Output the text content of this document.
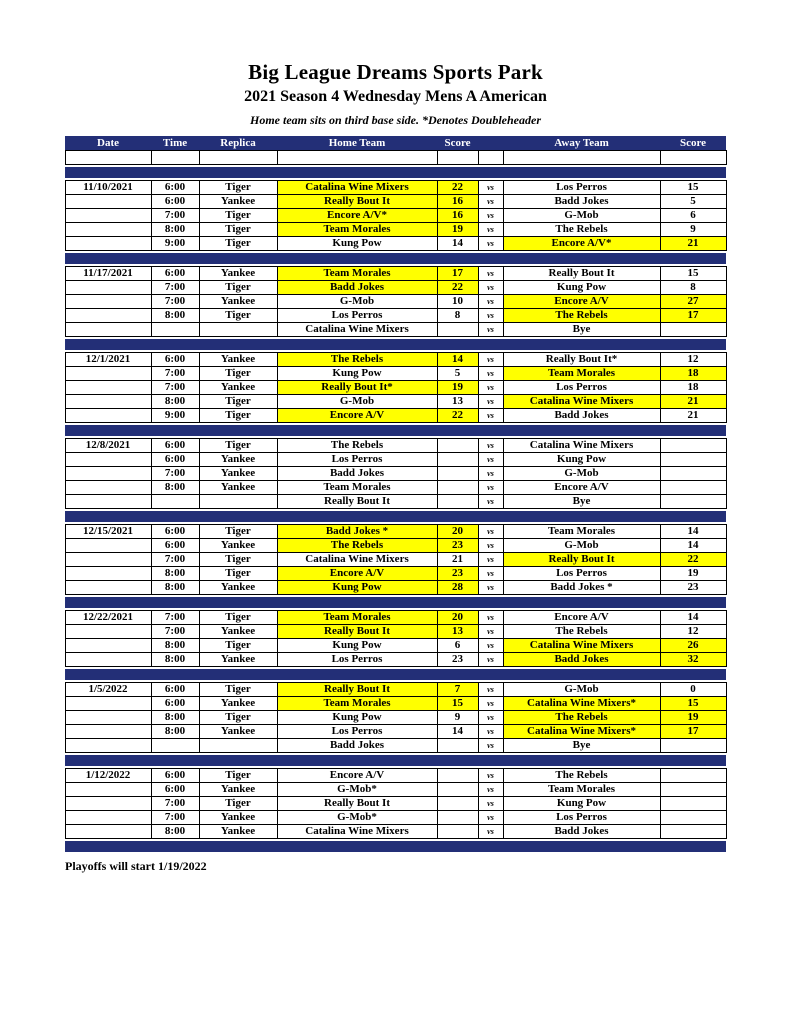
Big League Dreams Sports Park
2021 Season 4 Wednesday Mens A American
Home team sits on third base side. *Denotes Doubleheader
Date	Time	Replica	Home Team	Score		Away Team	Score

11/10/2021	6:00	Tiger	Catalina Wine Mixers	22	vs	Los Perros	15
	6:00	Yankee	Really Bout It	16	vs	Badd Jokes	5
	7:00	Tiger	Encore A/V*	16	vs	G-Mob	6
	8:00	Tiger	Team Morales	19	vs	The Rebels	9
	9:00	Tiger	Kung Pow	14	vs	Encore A/V*	21

11/17/2021	6:00	Yankee	Team Morales	17	vs	Really Bout It	15
	7:00	Tiger	Badd Jokes	22	vs	Kung Pow	8
	7:00	Yankee	G-Mob	10	vs	Encore A/V	27
	8:00	Tiger	Los Perros	8	vs	The Rebels	17
			Catalina Wine Mixers		vs	Bye	

12/1/2021	6:00	Yankee	The Rebels	14	vs	Really Bout It*	12
	7:00	Tiger	Kung Pow	5	vs	Team Morales	18
	7:00	Yankee	Really Bout It*	19	vs	Los Perros	18
	8:00	Tiger	G-Mob	13	vs	Catalina Wine Mixers	21
	9:00	Tiger	Encore A/V	22	vs	Badd Jokes	21

12/8/2021	6:00	Tiger	The Rebels		vs	Catalina Wine Mixers	
	6:00	Yankee	Los Perros		vs	Kung Pow	
	7:00	Yankee	Badd Jokes		vs	G-Mob	
	8:00	Yankee	Team Morales		vs	Encore A/V	
			Really Bout It		vs	Bye	

12/15/2021	6:00	Tiger	Badd Jokes *	20	vs	Team Morales	14
	6:00	Yankee	The Rebels	23	vs	G-Mob	14
	7:00	Tiger	Catalina Wine Mixers	21	vs	Really Bout It	22
	8:00	Tiger	Encore A/V	23	vs	Los Perros	19
	8:00	Yankee	Kung Pow	28	vs	Badd Jokes *	23

12/22/2021	7:00	Tiger	Team Morales	20	vs	Encore A/V	14
	7:00	Yankee	Really Bout It	13	vs	The Rebels	12
	8:00	Tiger	Kung Pow	6	vs	Catalina Wine Mixers	26
	8:00	Yankee	Los Perros	23	vs	Badd Jokes	32

1/5/2022	6:00	Tiger	Really Bout It	7	vs	G-Mob	0
	6:00	Yankee	Team Morales	15	vs	Catalina Wine Mixers*	15
	8:00	Tiger	Kung Pow	9	vs	The Rebels	19
	8:00	Yankee	Los Perros	14	vs	Catalina Wine Mixers*	17
			Badd Jokes		vs	Bye	

1/12/2022	6:00	Tiger	Encore A/V		vs	The Rebels	
	6:00	Yankee	G-Mob*		vs	Team Morales	
	7:00	Tiger	Really Bout It		vs	Kung Pow	
	7:00	Yankee	G-Mob*		vs	Los Perros	
	8:00	Yankee	Catalina Wine Mixers		vs	Badd Jokes	

Playoffs will start 1/19/2022
